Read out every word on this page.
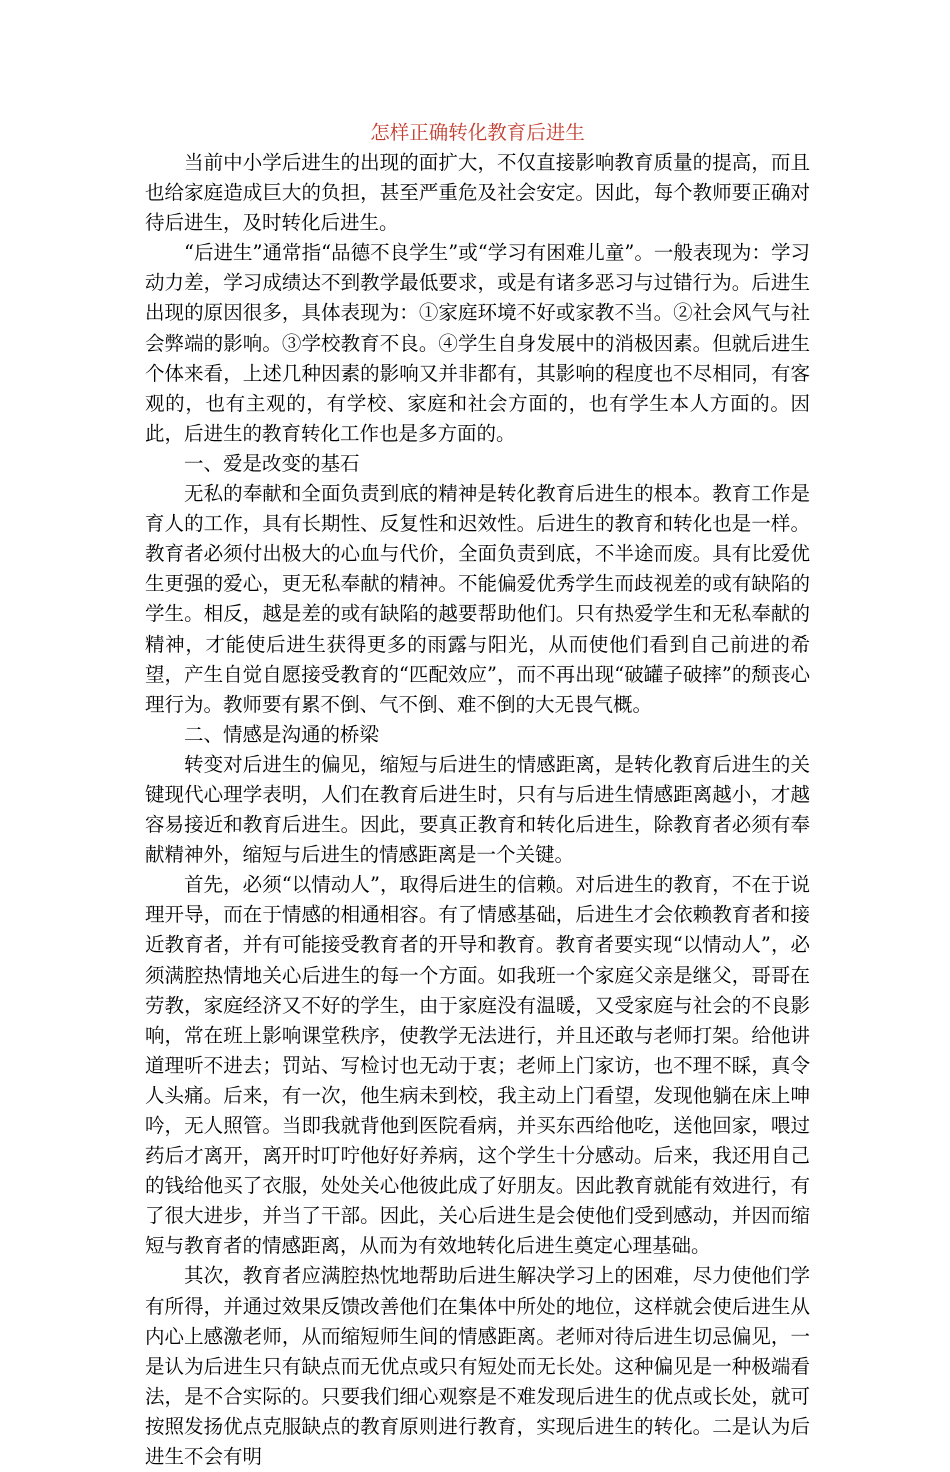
怎样正确转化教育后进生

当前中小学后进生的出现的面扩大，不仅直接影响教育质量的提高，而且也给家庭造成巨大的负担，甚至严重危及社会安定。因此，每个教师要正确对待后进生，及时转化后进生。

“后进生”通常指“品德不良学生”或“学习有困难儿童”。一般表现为：学习动力差，学习成绩达不到教学最低要求，或是有诸多恶习与过错行为。后进生出现的原因很多，具体表现为：①家庭环境不好或家教不当。②社会风气与社会弊端的影响。③学校教育不良。④学生自身发展中的消极因素。但就后进生个体来看，上述几种因素的影响又并非都有，其影响的程度也不尽相同，有客观的，也有主观的，有学校、家庭和社会方面的，也有学生本人方面的。因此，后进生的教育转化工作也是多方面的。

一、爱是改变的基石

无私的奉献和全面负责到底的精神是转化教育后进生的根本。教育工作是育人的工作，具有长期性、反复性和迟效性。后进生的教育和转化也是一样。教育者必须付出极大的心血与代价，全面负责到底，不半途而废。具有比爱优生更强的爱心，更无私奉献的精神。不能偏爱优秀学生而歧视差的或有缺陷的学生。相反，越是差的或有缺陷的越要帮助他们。只有热爱学生和无私奉献的精神，才能使后进生获得更多的雨露与阳光，从而使他们看到自己前进的希望，产生自觉自愿接受教育的“匹配效应”，而不再出现“破罐子破摔”的颓丧心理行为。教师要有累不倒、气不倒、难不倒的大无畏气概。

二、情感是沟通的桥梁

转变对后进生的偏见，缩短与后进生的情感距离，是转化教育后进生的关键现代心理学表明，人们在教育后进生时，只有与后进生情感距离越小，才越容易接近和教育后进生。因此，要真正教育和转化后进生，除教育者必须有奉献精神外，缩短与后进生的情感距离是一个关键。

首先，必须“以情动人”，取得后进生的信赖。对后进生的教育，不在于说理开导，而在于情感的相通相容。有了情感基础，后进生才会依赖教育者和接近教育者，并有可能接受教育者的开导和教育。教育者要实现“以情动人”，必须满腔热情地关心后进生的每一个方面。如我班一个家庭父亲是继父，哥哥在劳教，家庭经济又不好的学生，由于家庭没有温暖，又受家庭与社会的不良影响，常在班上影响课堂秩序，使教学无法进行，并且还敢与老师打架。给他讲道理听不进去；罚站、写检讨也无动于衷；老师上门家访，也不理不睬，真令人头痛。后来，有一次，他生病未到校，我主动上门看望，发现他躺在床上呻吟，无人照管。当即我就背他到医院看病，并买东西给他吃，送他回家，喂过药后才离开，离开时叮咛他好好养病，这个学生十分感动。后来，我还用自己的钱给他买了衣服，处处关心他彼此成了好朋友。因此教育就能有效进行，有了很大进步，并当了干部。因此，关心后进生是会使他们受到感动，并因而缩短与教育者的情感距离，从而为有效地转化后进生奠定心理基础。

其次，教育者应满腔热忱地帮助后进生解决学习上的困难，尽力使他们学有所得，并通过效果反馈改善他们在集体中所处的地位，这样就会使后进生从内心上感激老师，从而缩短师生间的情感距离。老师对待后进生切忌偏见，一是认为后进生只有缺点而无优点或只有短处而无长处。这种偏见是一种极端看法，是不合实际的。只要我们细心观察是不难发现后进生的优点或长处，就可按照发扬优点克服缺点的教育原则进行教育，实现后进生的转化。二是认为后进生不会有明
